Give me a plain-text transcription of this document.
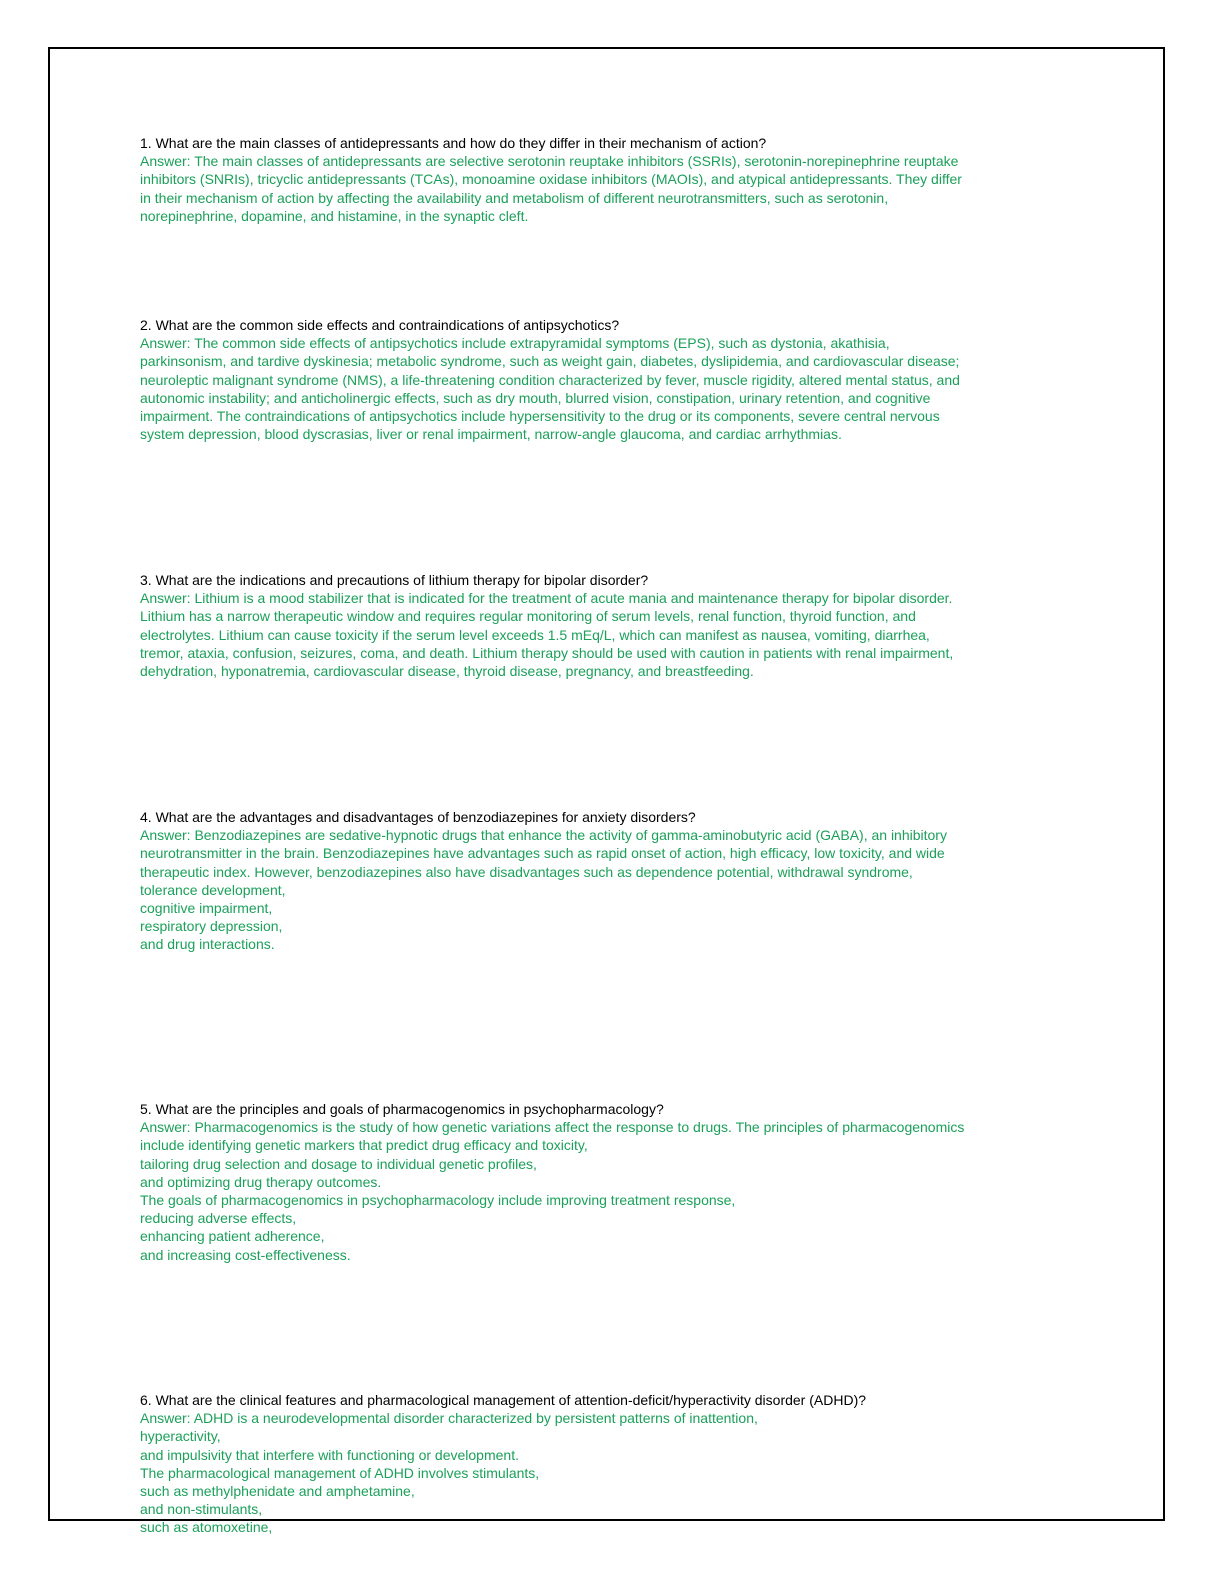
1. What are the main classes of antidepressants and how do they differ in their mechanism of action?
Answer: The main classes of antidepressants are selective serotonin reuptake inhibitors (SSRIs), serotonin-norepinephrine reuptake
inhibitors (SNRIs), tricyclic antidepressants (TCAs), monoamine oxidase inhibitors (MAOIs), and atypical antidepressants. They differ
in their mechanism of action by affecting the availability and metabolism of different neurotransmitters, such as serotonin,
norepinephrine, dopamine, and histamine, in the synaptic cleft.
2. What are the common side effects and contraindications of antipsychotics?
Answer: The common side effects of antipsychotics include extrapyramidal symptoms (EPS), such as dystonia, akathisia,
parkinsonism, and tardive dyskinesia; metabolic syndrome, such as weight gain, diabetes, dyslipidemia, and cardiovascular disease;
neuroleptic malignant syndrome (NMS), a life-threatening condition characterized by fever, muscle rigidity, altered mental status, and
autonomic instability; and anticholinergic effects, such as dry mouth, blurred vision, constipation, urinary retention, and cognitive
impairment. The contraindications of antipsychotics include hypersensitivity to the drug or its components, severe central nervous
system depression, blood dyscrasias, liver or renal impairment, narrow-angle glaucoma, and cardiac arrhythmias.
3. What are the indications and precautions of lithium therapy for bipolar disorder?
Answer: Lithium is a mood stabilizer that is indicated for the treatment of acute mania and maintenance therapy for bipolar disorder.
Lithium has a narrow therapeutic window and requires regular monitoring of serum levels, renal function, thyroid function, and
electrolytes. Lithium can cause toxicity if the serum level exceeds 1.5 mEq/L, which can manifest as nausea, vomiting, diarrhea,
tremor, ataxia, confusion, seizures, coma, and death. Lithium therapy should be used with caution in patients with renal impairment,
dehydration, hyponatremia, cardiovascular disease, thyroid disease, pregnancy, and breastfeeding.
4. What are the advantages and disadvantages of benzodiazepines for anxiety disorders?
Answer: Benzodiazepines are sedative-hypnotic drugs that enhance the activity of gamma-aminobutyric acid (GABA), an inhibitory
neurotransmitter in the brain. Benzodiazepines have advantages such as rapid onset of action, high efficacy, low toxicity, and wide
therapeutic index. However, benzodiazepines also have disadvantages such as dependence potential, withdrawal syndrome,
tolerance development,
cognitive impairment,
respiratory depression,
and drug interactions.
5. What are the principles and goals of pharmacogenomics in psychopharmacology?
Answer: Pharmacogenomics is the study of how genetic variations affect the response to drugs. The principles of pharmacogenomics
include identifying genetic markers that predict drug efficacy and toxicity,
tailoring drug selection and dosage to individual genetic profiles,
and optimizing drug therapy outcomes.
The goals of pharmacogenomics in psychopharmacology include improving treatment response,
reducing adverse effects,
enhancing patient adherence,
and increasing cost-effectiveness.
6. What are the clinical features and pharmacological management of attention-deficit/hyperactivity disorder (ADHD)?
Answer: ADHD is a neurodevelopmental disorder characterized by persistent patterns of inattention,
hyperactivity,
and impulsivity that interfere with functioning or development.
The pharmacological management of ADHD involves stimulants,
such as methylphenidate and amphetamine,
and non-stimulants,
such as atomoxetine,
